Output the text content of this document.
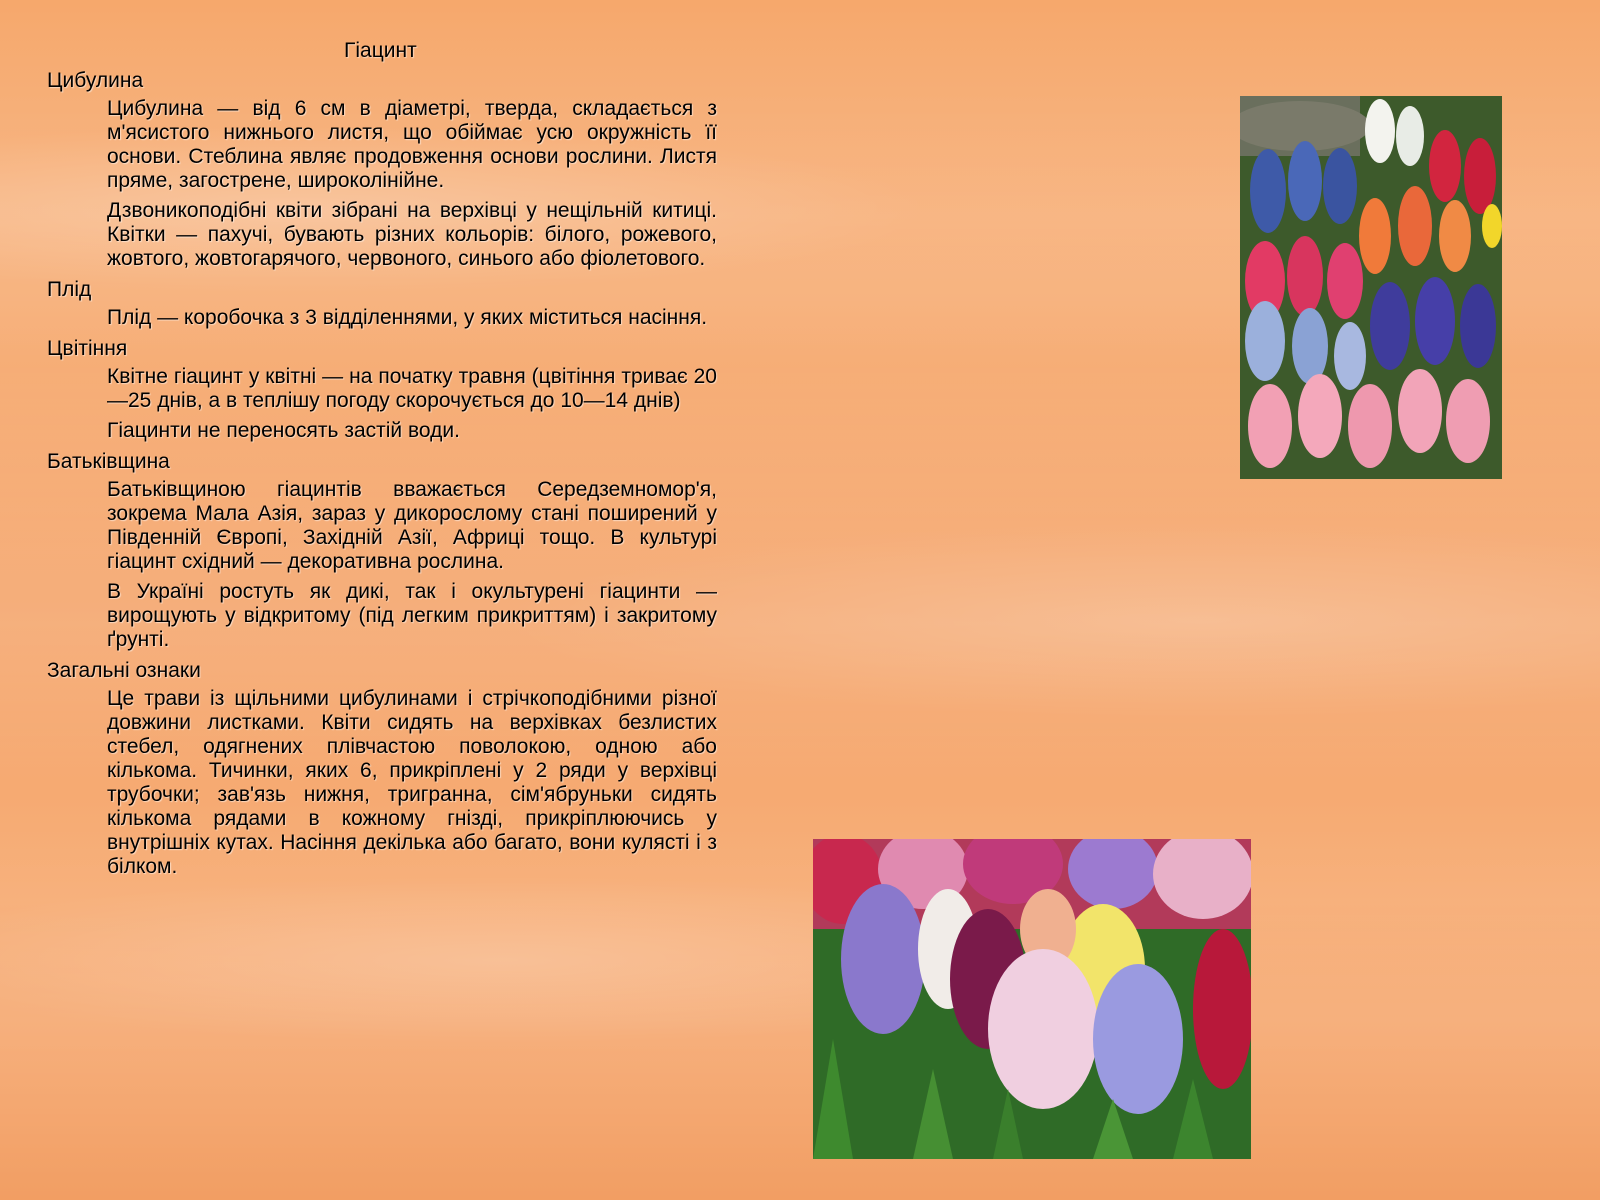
Гіацинт
Цибулина

Цибулина — від 6 см в діаметрі, тверда, складається з м'ясистого нижнього листя, що обіймає усю окружність її основи. Стеблина являє продовження основи рослини. Листя пряме, загострене, широколінійне.

Дзвоникоподібні квіти зібрані на верхівці у нещільній китиці. Квітки — пахучі, бувають різних кольорів: білого, рожевого, жовтого, жовтогарячого, червоного, синього або фіолетового.

Плід

Плід — коробочка з 3 відділеннями, у яких міститься насіння.

Цвітіння

Квітне гіацинт у квітні — на початку травня (цвітіння триває 20—25 днів, а в теплішу погоду скорочується до 10—14 днів)

Гіацинти не переносять застій води.

Батьківщина

Батьківщиною гіацинтів вважається Середземномор'я, зокрема Мала Азія, зараз у дикорослому стані поширений у Південній Європі, Західній Азії, Африці тощо. В культурі гіацинт східний — декоративна рослина.

В Україні ростуть як дикі, так і окультурені гіацинти — вирощують у відкритому (під легким прикриттям) і закритому ґрунті.

Загальні ознаки

Це трави із щільними цибулинами і стрічкоподібними різної довжини листками. Квіти сидять на верхівках безлистих стебел, одягнених плівчастою поволокою, одною або кількома. Тичинки, яких 6, прикріплені у 2 ряди у верхівці трубочки; зав'язь нижня, тригранна, сім'ябруньки сидять кількома рядами в кожному гнізді, прикріплюючись у внутрішніх кутах. Насіння декілька або багато, вони кулясті і з білком.
